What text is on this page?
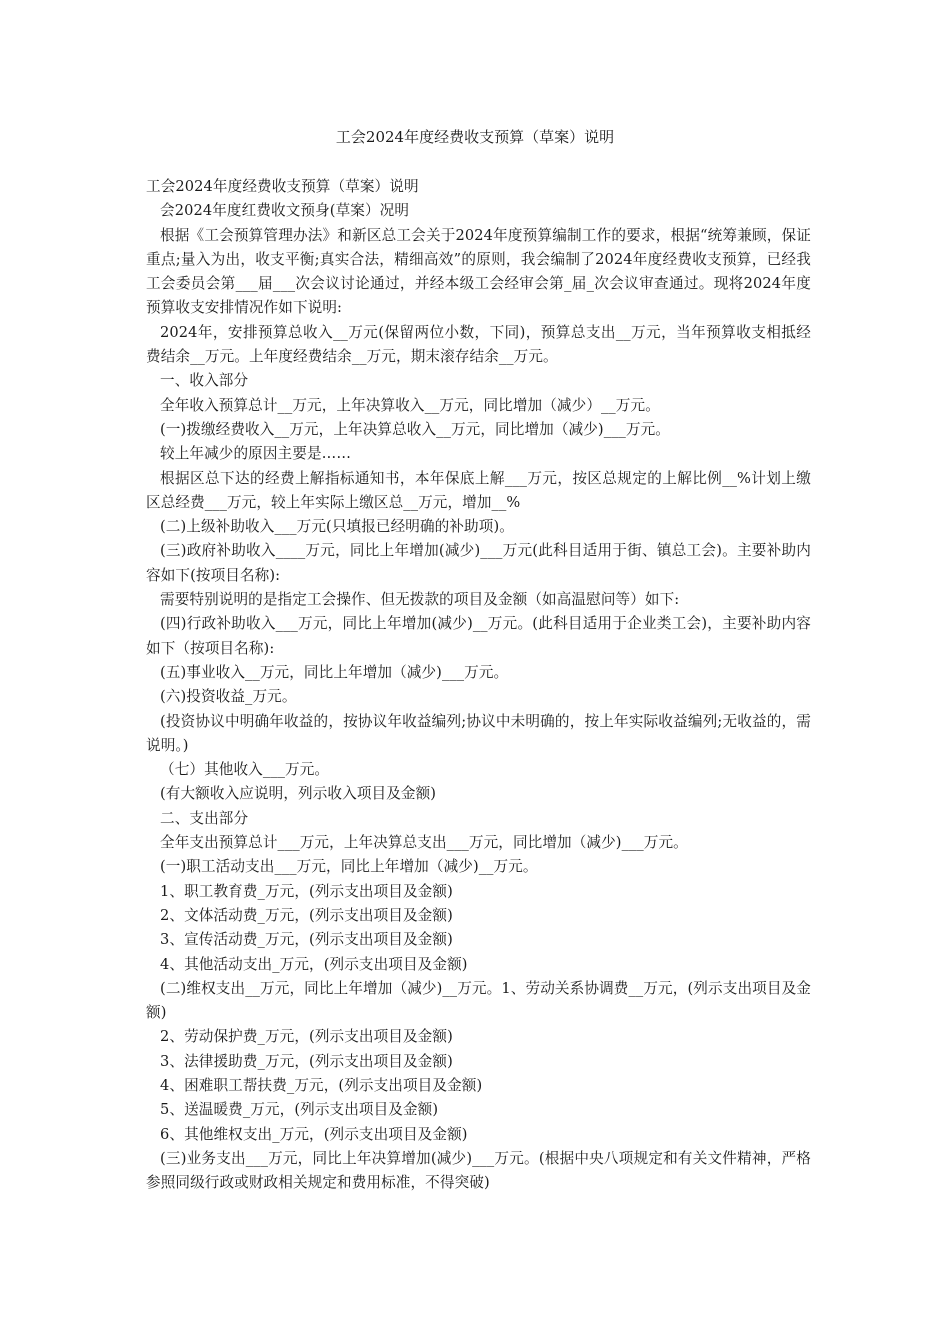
工会2024年度经费收支预算（草案）说明

工会2024年度经费收支预算（草案）说明

会2024年度红费收文预身(草案）况明

根据《工会预算管理办法》和新区总工会关于2024年度预算编制工作的要求，根据“统筹兼顾，保证重点;量入为出，收支平衡;真实合法，精细高效”的原则，我会编制了2024年度经费收支预算，已经我工会委员会第___届___次会议讨论通过，并经本级工会经审会第_届_次会议审查通过。现将2024年度预算收支安排情况作如下说明:

2024年，安排预算总收入__万元(保留两位小数，下同)，预算总支出__万元，当年预算收支相抵经费结余__万元。上年度经费结余__万元，期末滚存结余__万元。

一、收入部分

全年收入预算总计__万元，上年决算收入__万元，同比增加（减少）__万元。

(一)拨缴经费收入__万元，上年决算总收入__万元，同比增加（减少)___万元。

较上年减少的原因主要是……

根据区总下达的经费上解指标通知书，本年保底上解___万元，按区总规定的上解比例__%计划上缴区总经费___万元，较上年实际上缴区总__万元，增加__%

(二)上级补助收入___万元(只填报已经明确的补助项)。

(三)政府补助收入____万元，同比上年增加(减少)___万元(此科目适用于街、镇总工会)。主要补助内容如下(按项目名称):

需要特别说明的是指定工会操作、但无拨款的项目及金额（如高温慰问等）如下:

(四)行政补助收入___万元，同比上年增加(减少)__万元。(此科目适用于企业类工会)，主要补助内容如下（按项目名称):

(五)事业收入__万元，同比上年增加（减少)___万元。

(六)投资收益_万元。

(投资协议中明确年收益的，按协议年收益编列;协议中未明确的，按上年实际收益编列;无收益的，需说明。)

（七）其他收入___万元。

(有大额收入应说明，列示收入项目及金额)

二、支出部分

全年支出预算总计___万元，上年决算总支出___万元，同比增加（减少)___万元。

(一)职工活动支出___万元，同比上年增加（减少)__万元。

1、职工教育费_万元，(列示支出项目及金额)

2、文体活动费_万元，(列示支出项目及金额)

3、宣传活动费_万元，(列示支出项目及金额)

4、其他活动支出_万元，(列示支出项目及金额)

(二)维权支出__万元，同比上年增加（减少)__万元。1、劳动关系协调费__万元，(列示支出项目及金额)

2、劳动保护费_万元，(列示支出项目及金额)

3、法律援助费_万元，(列示支出项目及金额)

4、困难职工帮扶费_万元，(列示支出项目及金额)

5、送温暖费_万元，(列示支出项目及金额)

6、其他维权支出_万元，(列示支出项目及金额)

(三)业务支出___万元，同比上年决算增加(减少)___万元。(根据中央八项规定和有关文件精神，严格参照同级行政或财政相关规定和费用标准，不得突破)
